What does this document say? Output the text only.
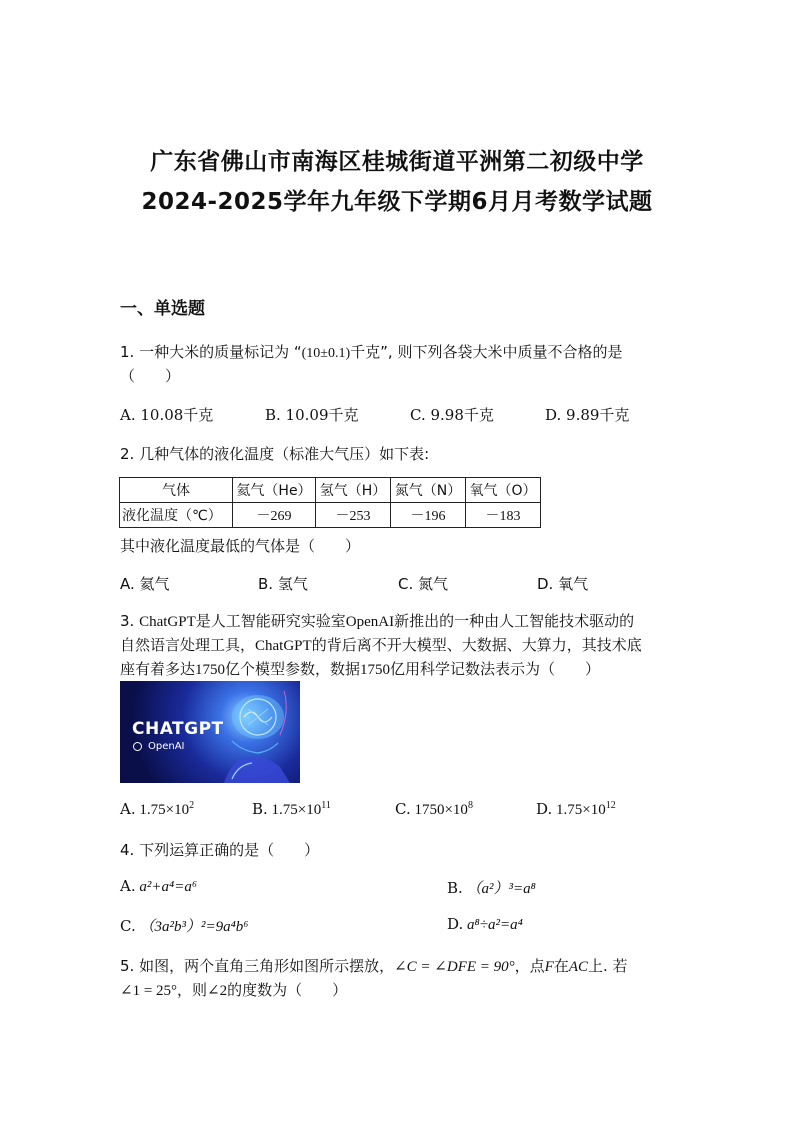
广东省佛山市南海区桂城街道平洲第二初级中学
2024-2025学年九年级下学期6月月考数学试题
一、单选题
1. 一种大米的质量标记为 “(10±0.1)千克”, 则下列各袋大米中质量不合格的是
（　　）
A. 10.08千克	B. 10.09千克	C. 9.98千克	D. 9.89千克
2. 几种气体的液化温度（标准大气压）如下表:
气体	氦气（He）	氢气（H）	氮气（N）	氧气（O）
液化温度（℃）	－269	－253	－196	－183
其中液化温度最低的气体是（　　）
A. 氦气	B. 氢气	C. 氮气	D. 氧气
3. ChatGPT是人工智能研究实验室OpenAI新推出的一种由人工智能技术驱动的
自然语言处理工具，ChatGPT的背后离不开大模型、大数据、大算力，其技术底
座有着多达1750亿个模型参数，数据1750亿用科学记数法表示为（　　）
CHATGPT
OpenAI
A. $1.75\times 10^2$	B. $1.75\times 10^{11}$	C. $1750\times 10^8$	D. $1.75\times 10^{12}$
4. 下列运算正确的是（　　）
A. a²+a⁴=a⁶	B. （a²）³=a⁸
C. （3a²b³）²=9a⁴b⁶	D. a⁸÷a²=a⁴
5. 如图，两个直角三角形如图所示摆放，∠C = ∠DFE = 90°，点F在AC上. 若
∠1 = 25°，则∠2的度数为（　　）
